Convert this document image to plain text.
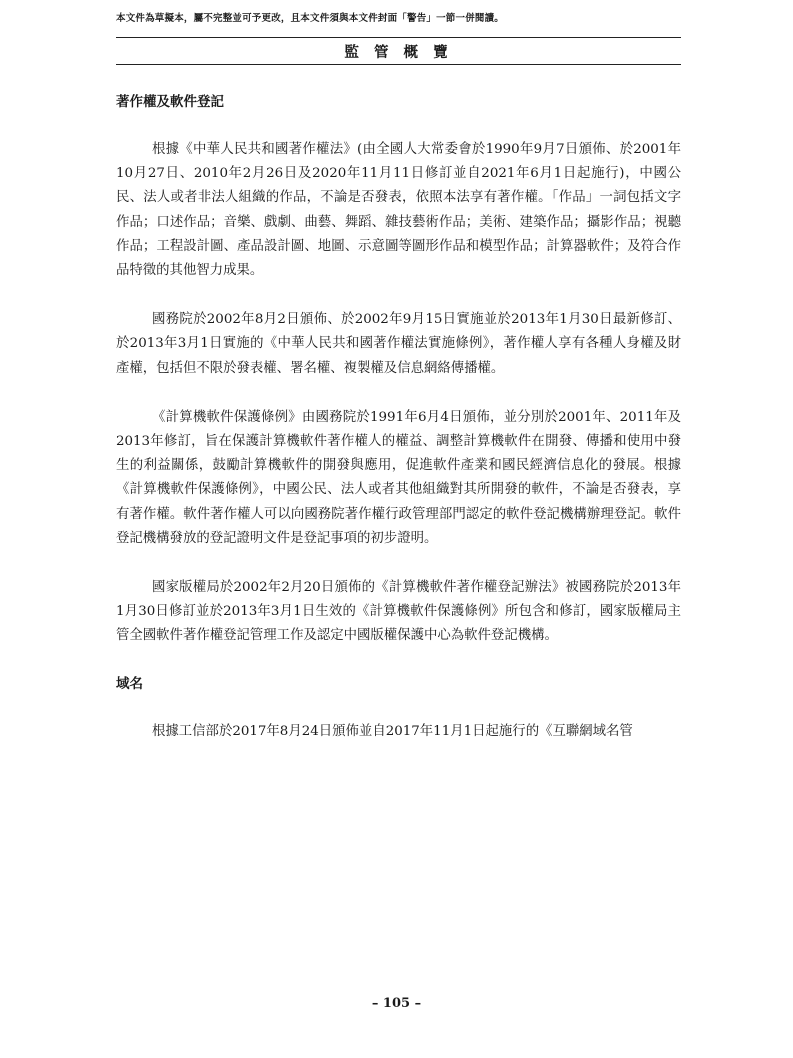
本文件為草擬本，屬不完整並可予更改，且本文件須與本文件封面「警告」一節一併閱讀。
監 管 概 覽
著作權及軟件登記

根據《中華人民共和國著作權法》(由全國人大常委會於1990年9月7日頒佈、於2001年10月27日、2010年2月26日及2020年11月11日修訂並自2021年6月1日起施行)，中國公民、法人或者非法人組織的作品，不論是否發表，依照本法享有著作權。「作品」一詞包括文字作品；口述作品；音樂、戲劇、曲藝、舞蹈、雜技藝術作品；美術、建築作品；攝影作品；視聽作品；工程設計圖、產品設計圖、地圖、示意圖等圖形作品和模型作品；計算器軟件；及符合作品特徵的其他智力成果。

國務院於2002年8月2日頒佈、於2002年9月15日實施並於2013年1月30日最新修訂、於2013年3月1日實施的《中華人民共和國著作權法實施條例》，著作權人享有各種人身權及財產權，包括但不限於發表權、署名權、複製權及信息網絡傳播權。

《計算機軟件保護條例》由國務院於1991年6月4日頒佈，並分別於2001年、2011年及2013年修訂，旨在保護計算機軟件著作權人的權益、調整計算機軟件在開發、傳播和使用中發生的利益關係，鼓勵計算機軟件的開發與應用，促進軟件產業和國民經濟信息化的發展。根據《計算機軟件保護條例》，中國公民、法人或者其他組織對其所開發的軟件，不論是否發表，享有著作權。軟件著作權人可以向國務院著作權行政管理部門認定的軟件登記機構辦理登記。軟件登記機構發放的登記證明文件是登記事項的初步證明。

國家版權局於2002年2月20日頒佈的《計算機軟件著作權登記辦法》被國務院於2013年1月30日修訂並於2013年3月1日生效的《計算機軟件保護條例》所包含和修訂，國家版權局主管全國軟件著作權登記管理工作及認定中國版權保護中心為軟件登記機構。

域名

根據工信部於2017年8月24日頒佈並自2017年11月1日起施行的《互聯網域名管

– 105 –
